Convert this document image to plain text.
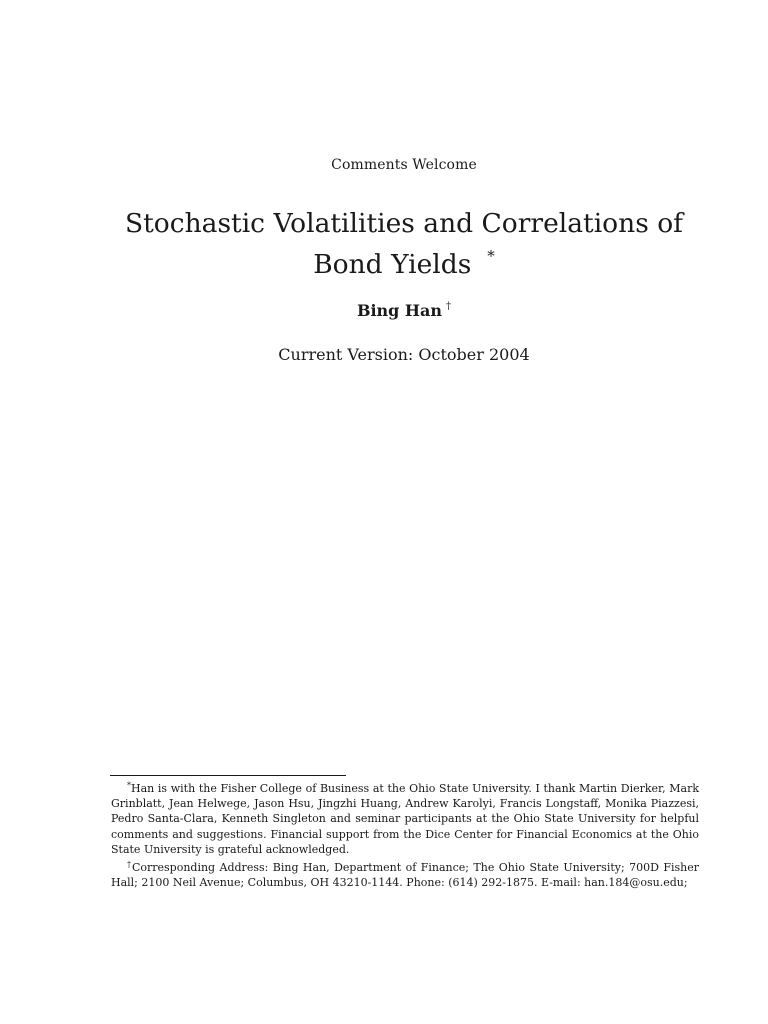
Comments Welcome
Stochastic Volatilities and Correlations of
Bond Yields *
Bing Han †
Current Version: October 2004

*Han is with the Fisher College of Business at the Ohio State University. I thank Martin Dierker, Mark Grinblatt, Jean Helwege, Jason Hsu, Jingzhi Huang, Andrew Karolyi, Francis Longstaff, Monika Piazzesi, Pedro Santa-Clara, Kenneth Singleton and seminar participants at the Ohio State University for helpful comments and suggestions. Financial support from the Dice Center for Financial Economics at the Ohio State University is grateful acknowledged.

†Corresponding Address: Bing Han, Department of Finance; The Ohio State University; 700D Fisher Hall; 2100 Neil Avenue; Columbus, OH 43210-1144. Phone: (614) 292-1875. E-mail: han.184@osu.edu;
